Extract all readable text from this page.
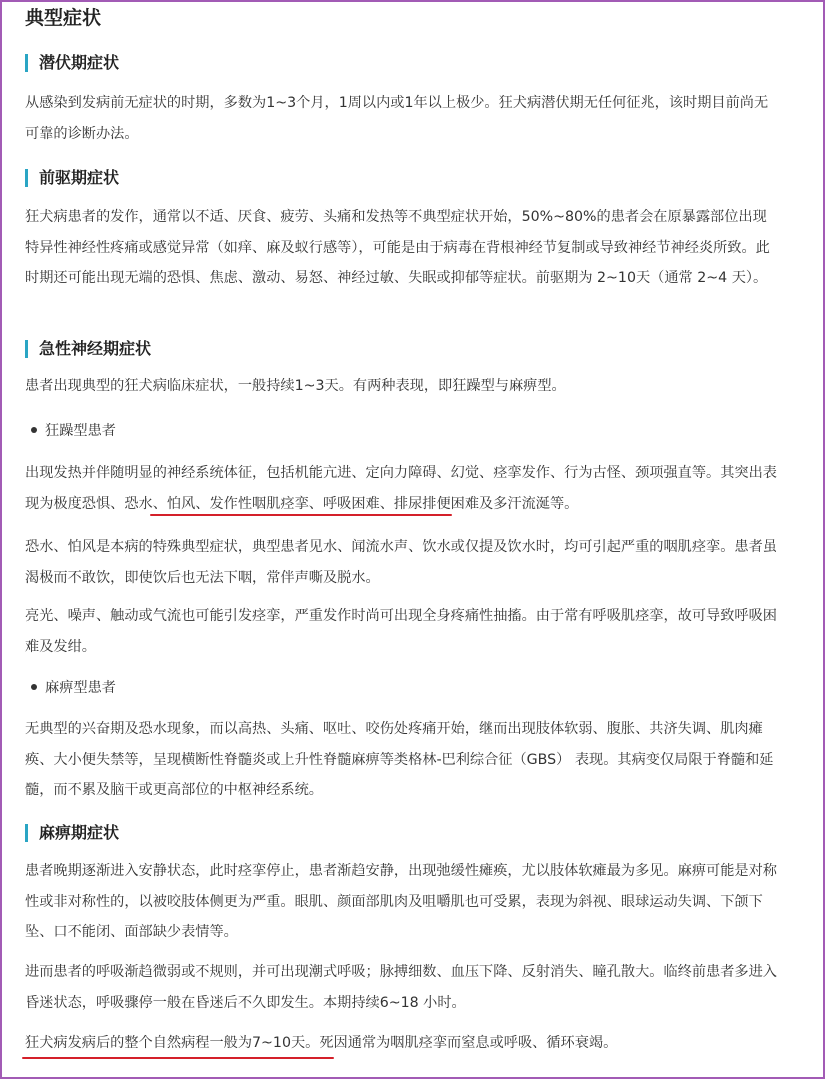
典型症状
潜伏期症状

从感染到发病前无症状的时期，多数为1~3个月，1周以内或1年以上极少。狂犬病潜伏期无任何征兆，该时期目前尚无可靠的诊断办法。

前驱期症状

狂犬病患者的发作，通常以不适、厌食、疲劳、头痛和发热等不典型症状开始，50%~80%的患者会在原暴露部位出现特异性神经性疼痛或感觉异常（如痒、麻及蚁行感等），可能是由于病毒在背根神经节复制或导致神经节神经炎所致。此时期还可能出现无端的恐惧、焦虑、激动、易怒、神经过敏、失眠或抑郁等症状。前驱期为 2~10天（通常 2~4 天）。

急性神经期症状

患者出现典型的狂犬病临床症状，一般持续1~3天。有两种表现，即狂躁型与麻痹型。

狂躁型患者

出现发热并伴随明显的神经系统体征，包括机能亢进、定向力障碍、幻觉、痉挛发作、行为古怪、颈项强直等。其突出表现为极度恐惧、恐水、怕风、发作性咽肌痉挛、呼吸困难、排尿排便困难及多汗流涎等。

恐水、怕风是本病的特殊典型症状，典型患者见水、闻流水声、饮水或仅提及饮水时，均可引起严重的咽肌痉挛。患者虽渴极而不敢饮，即使饮后也无法下咽，常伴声嘶及脱水。

亮光、噪声、触动或气流也可能引发痉挛，严重发作时尚可出现全身疼痛性抽搐。由于常有呼吸肌痉挛，故可导致呼吸困难及发绀。

麻痹型患者

无典型的兴奋期及恐水现象，而以高热、头痛、呕吐、咬伤处疼痛开始，继而出现肢体软弱、腹胀、共济失调、肌肉瘫痪、大小便失禁等，呈现横断性脊髓炎或上升性脊髓麻痹等类格林-巴利综合征（GBS） 表现。其病变仅局限于脊髓和延髓，而不累及脑干或更高部位的中枢神经系统。

麻痹期症状

患者晚期逐渐进入安静状态，此时痉挛停止，患者渐趋安静，出现弛缓性瘫痪，尤以肢体软瘫最为多见。麻痹可能是对称性或非对称性的，以被咬肢体侧更为严重。眼肌、颜面部肌肉及咀嚼肌也可受累，表现为斜视、眼球运动失调、下颌下坠、口不能闭、面部缺少表情等。

进而患者的呼吸渐趋微弱或不规则，并可出现潮式呼吸；脉搏细数、血压下降、反射消失、瞳孔散大。临终前患者多进入昏迷状态，呼吸骤停一般在昏迷后不久即发生。本期持续6~18 小时。

狂犬病发病后的整个自然病程一般为7~10天。死因通常为咽肌痉挛而窒息或呼吸、循环衰竭。
